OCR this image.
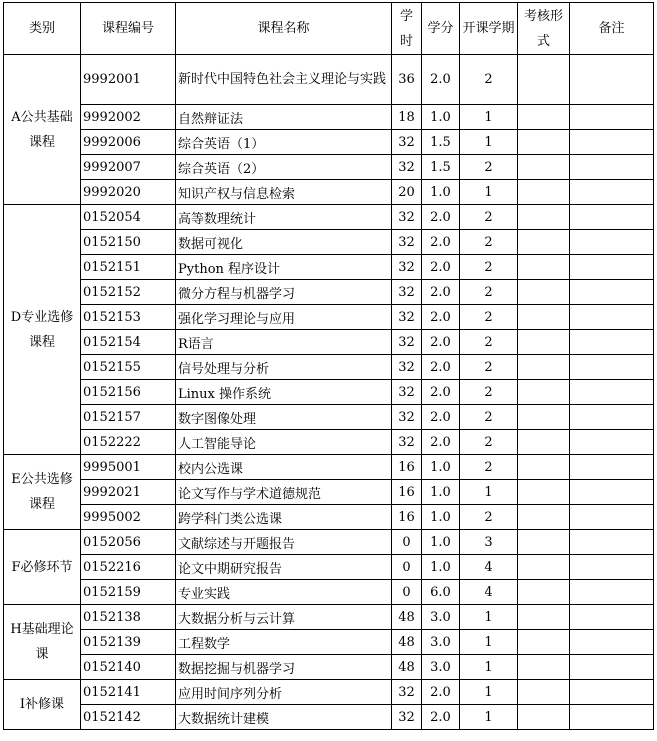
类别	课程编号	课程名称	学时	学分	开课学期	考核形式	备注
A公共基础课程	9992001	新时代中国特色社会主义理论与实践	36	2.0	2		
	9992002	自然辩证法	18	1.0	1		
	9992006	综合英语（1）	32	1.5	1		
	9992007	综合英语（2）	32	1.5	2		
	9992020	知识产权与信息检索	20	1.0	1		
D专业选修课程	0152054	高等数理统计	32	2.0	2		
	0152150	数据可视化	32	2.0	2		
	0152151	Python 程序设计	32	2.0	2		
	0152152	微分方程与机器学习	32	2.0	2		
	0152153	强化学习理论与应用	32	2.0	2		
	0152154	R语言	32	2.0	2		
	0152155	信号处理与分析	32	2.0	2		
	0152156	Linux 操作系统	32	2.0	2		
	0152157	数字图像处理	32	2.0	2		
	0152222	人工智能导论	32	2.0	2		
E公共选修课程	9995001	校内公选课	16	1.0	2		
	9992021	论文写作与学术道德规范	16	1.0	1		
	9995002	跨学科门类公选课	16	1.0	2		
F必修环节	0152056	文献综述与开题报告	0	1.0	3		
	0152216	论文中期研究报告	0	1.0	4		
	0152159	专业实践	0	6.0	4		
H基础理论课	0152138	大数据分析与云计算	48	3.0	1		
	0152139	工程数学	48	3.0	1		
	0152140	数据挖掘与机器学习	48	3.0	1		
I补修课	0152141	应用时间序列分析	32	2.0	1		
	0152142	大数据统计建模	32	2.0	1		
